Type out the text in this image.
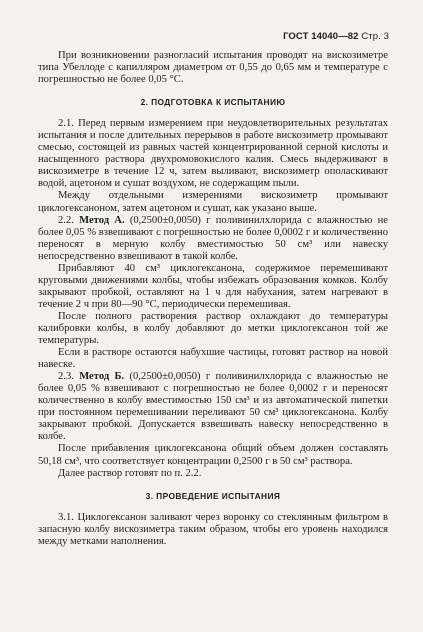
ГОСТ 14040—82 Стр. 3

При возникновении разногласий испытания проводят на вискозиметре типа Убеллоде с капилляром диаметром от 0,55 до 0,65 мм и температуре с погрешностью не более 0,05 °С.

2. ПОДГОТОВКА К ИСПЫТАНИЮ

2.1. Перед первым измерением при неудовлетворительных результатах испытания и после длительных перерывов в работе вискозиметр промывают смесью, состоящей из равных частей концентрированной серной кислоты и насыщенного раствора двухромовокислого калия. Смесь выдерживают в вискозиметре в течение 12 ч, затем выливают, вискозиметр ополаскивают водой, ацетоном и сушат воздухом, не содержащим пыли.

Между отдельными измерениями вискозиметр промывают циклогексаноном, затем ацетоном и сушат, как указано выше.

2.2. Метод А. (0,2500±0,0050) г поливинилхлорида с влажностью не более 0,05 % взвешивают с погрешностью не более 0,0002 г и количественно переносят в мерную колбу вместимостью 50 см³ или навеску непосредственно взвешивают в такой колбе.

Прибавляют 40 см³ циклогексанона, содержимое перемешивают круговыми движениями колбы, чтобы избежать образования комков. Колбу закрывают пробкой, оставляют на 1 ч для набухания, затем нагревают в течение 2 ч при 80—90 °С, периодически перемешивая.

После полного растворения раствор охлаждают до температуры калибровки колбы, в колбу добавляют до метки циклогексанон той же температуры.

Если в растворе остаются набухшие частицы, готовят раствор на новой навеске.

2.3. Метод Б. (0,2500±0,0050) г поливинилхлорида с влажностью не более 0,05 % взвешивают с погрешностью не более 0,0002 г и переносят количественно в колбу вместимостью 150 см³ и из автоматической пипетки при постоянном перемешивании переливают 50 см³ циклогексанона. Колбу закрывают пробкой. Допускается взвешивать навеску непосредственно в колбе.

После прибавления циклогексанона общий объем должен составлять 50,18 см³, что соответствует концентрации 0,2500 г в 50 см³ раствора.

Далее раствор готовят по п. 2.2.

3. ПРОВЕДЕНИЕ ИСПЫТАНИЯ

3.1. Циклогексанон заливают через воронку со стеклянным фильтром в запасную колбу вискозиметра таким образом, чтобы его уровень находился между метками наполнения.
